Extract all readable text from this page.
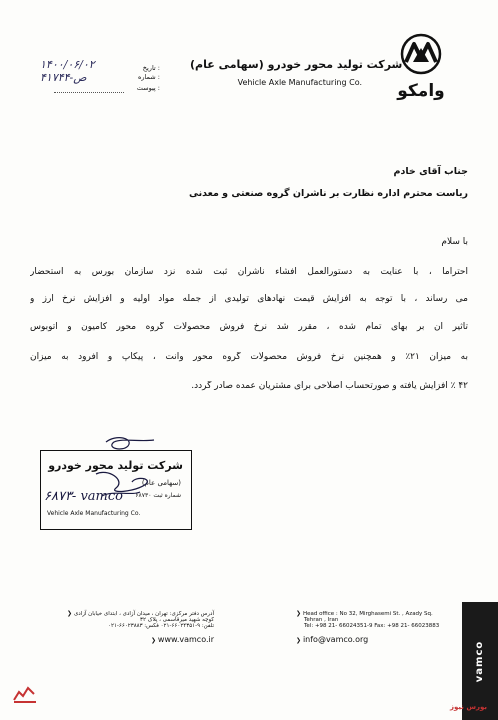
وامکو
شرکت تولید محور خودرو (سهامی عام)
Vehicle Axle Manufacturing Co.
تاریخ :
۱۴۰۰/۰۶/۰۲
شماره :
ص-۴۱۷۴۴
پیوست :
جناب آقای خادم
ریاست محترم اداره نظارت بر ناشران گروه صنعتی و معدنی
با سلام
احتراماً ، با عنایت به دستورالعمل افشاء ناشران ثبت شده نزد سازمان بورس به استحضار
می رساند ، با توجه به افزایش قیمت نهادهای تولیدی از جمله مواد اولیه و افزایش نرخ ارز و
تاثیر آن بر بهای تمام شده ، مقرر شد نرخ فروش محصولات گروه محور کامیون و اتوبوس
به میزان ۲۱٪ و همچنین نرخ فروش محصولات گروه محور وانت ، پیکاپ و آفرود به میزان
۴۲ ٪ افزایش یافته و صورتحساب اصلاحی برای مشتریان عمده صادر گردد.
شرکت تولید محور خودرو
(سهامی عام)
شماره ثبت ۶۸۷۳۰
Vehicle Axle Manufacturing Co.
۶۸۷۳- vamco
❯ Head office : No 32, Mirghasemi St. , Azady Sq.
Tehran , Iran
Tel: +98 21- 66024351-9 Fax: +98 21- 66023883
❯ info@vamco.org
آدرس دفتر مرکزی: تهران ، میدان آزادی ، ابتدای خیابان آزادی ❮
کوچه شهید میرقاسمی ، پلاک ۳۲
تلفن: ۹-۶۶۰۲۴۳۵۱-۰۲۱ فکس: ۶۶۰۲۳۸۸۳-۰۲۱
www.vamco.ir ❮	vamco
بورس نیوز
